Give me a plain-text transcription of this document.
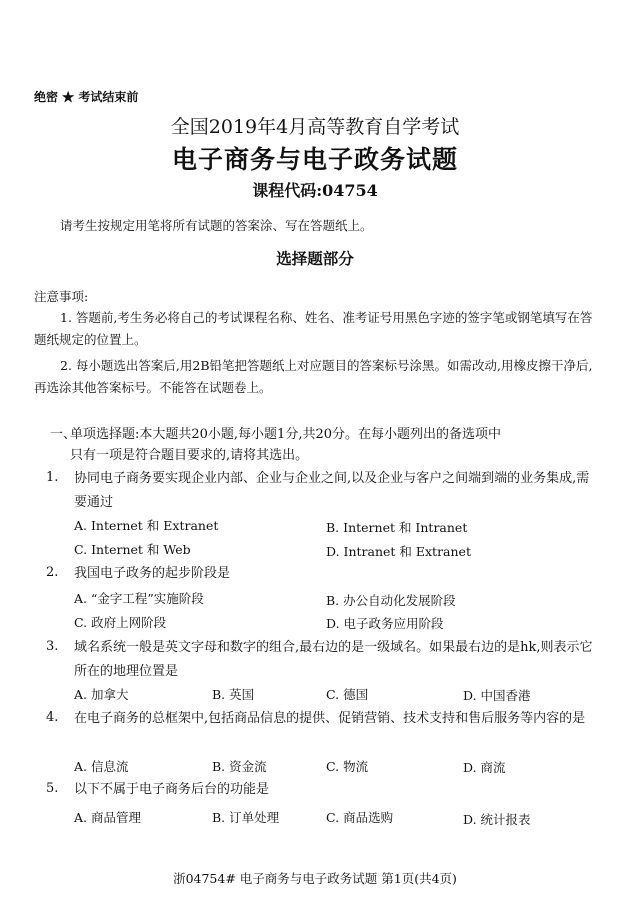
绝密 ★ 考试结束前
全国2019年4月高等教育自学考试
电子商务与电子政务试题
课程代码:04754
请考生按规定用笔将所有试题的答案涂、写在答题纸上。
选择题部分
注意事项:
1. 答题前,考生务必将自己的考试课程名称、姓名、准考证号用黑色字迹的签字笔或钢笔填写在答题纸规定的位置上。
2. 每小题选出答案后,用2B铅笔把答题纸上对应题目的答案标号涂黑。如需改动,用橡皮擦干净后,再选涂其他答案标号。不能答在试题卷上。
一、单项选择题:本大题共20小题,每小题1分,共20分。在每小题列出的备选项中
只有一项是符合题目要求的,请将其选出。
1. 协同电子商务要实现企业内部、企业与企业之间,以及企业与客户之间端到端的业务集成,需要通过
A. Internet 和 Extranet	B. Internet 和 Intranet
C. Internet 和 Web	D. Intranet 和 Extranet
2. 我国电子政务的起步阶段是
A. “金字工程”实施阶段	B. 办公自动化发展阶段
C. 政府上网阶段	D. 电子政务应用阶段
3. 域名系统一般是英文字母和数字的组合,最右边的是一级域名。如果最右边的是hk,则表示它所在的地理位置是
A. 加拿大	B. 英国	C. 德国	D. 中国香港
4. 在电子商务的总框架中,包括商品信息的提供、促销营销、技术支持和售后服务等内容的是
A. 信息流	B. 资金流	C. 物流	D. 商流
5. 以下不属于电子商务后台的功能是
A. 商品管理	B. 订单处理	C. 商品选购	D. 统计报表
浙04754# 电子商务与电子政务试题 第1页(共4页)
